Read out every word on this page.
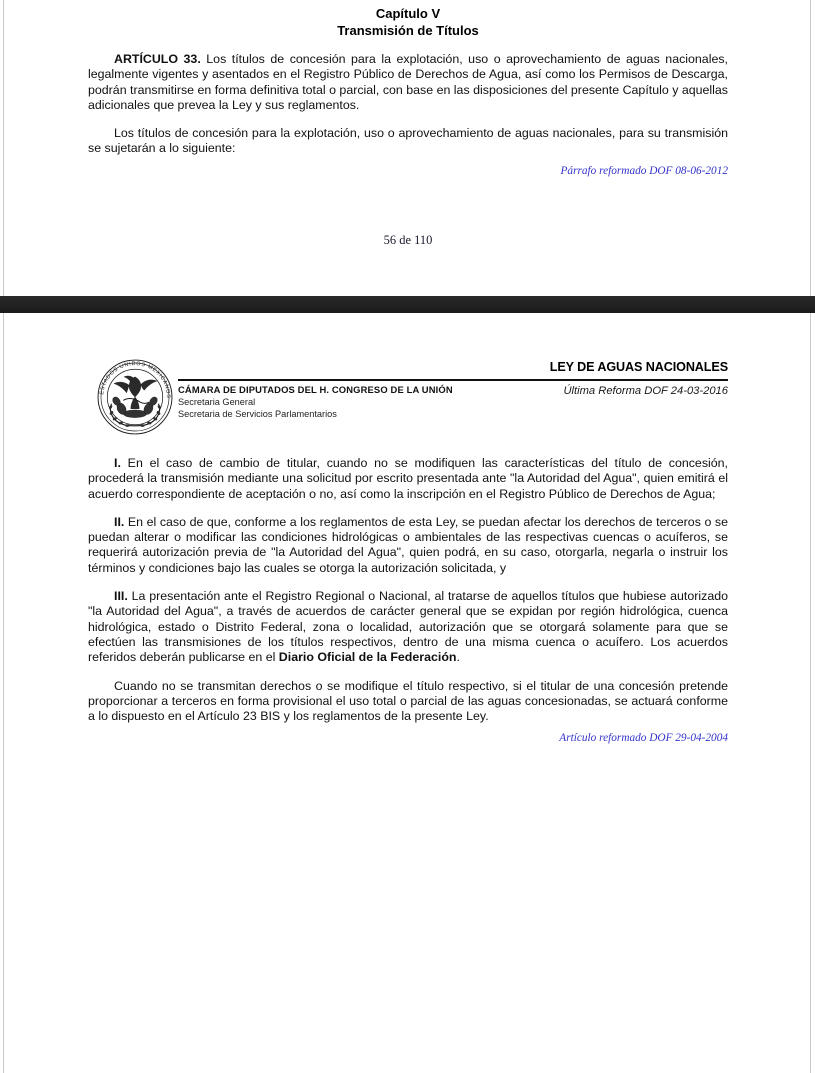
Capítulo V
Transmisión de Títulos

ARTÍCULO 33. Los títulos de concesión para la explotación, uso o aprovechamiento de aguas nacionales, legalmente vigentes y asentados en el Registro Público de Derechos de Agua, así como los Permisos de Descarga, podrán transmitirse en forma definitiva total o parcial, con base en las disposiciones del presente Capítulo y aquellas adicionales que prevea la Ley y sus reglamentos.

Los títulos de concesión para la explotación, uso o aprovechamiento de aguas nacionales, para su transmisión se sujetarán a lo siguiente:

Párrafo reformado DOF 08-06-2012

56 de 110
ESTADOS UNIDOS MEXICANOS
LEY DE AGUAS NACIONALES
Última Reforma DOF 24-03-2016
CÁMARA DE DIPUTADOS DEL H. CONGRESO DE LA UNIÓN
Secretaria General
Secretaria de Servicios Parlamentarios

I. En el caso de cambio de titular, cuando no se modifiquen las características del título de concesión, procederá la transmisión mediante una solicitud por escrito presentada ante "la Autoridad del Agua", quien emitirá el acuerdo correspondiente de aceptación o no, así como la inscripción en el Registro Público de Derechos de Agua;

II. En el caso de que, conforme a los reglamentos de esta Ley, se puedan afectar los derechos de terceros o se puedan alterar o modificar las condiciones hidrológicas o ambientales de las respectivas cuencas o acuíferos, se requerirá autorización previa de "la Autoridad del Agua", quien podrá, en su caso, otorgarla, negarla o instruir los términos y condiciones bajo las cuales se otorga la autorización solicitada, y

III. La presentación ante el Registro Regional o Nacional, al tratarse de aquellos títulos que hubiese autorizado "la Autoridad del Agua", a través de acuerdos de carácter general que se expidan por región hidrológica, cuenca hidrológica, estado o Distrito Federal, zona o localidad, autorización que se otorgará solamente para que se efectúen las transmisiones de los títulos respectivos, dentro de una misma cuenca o acuífero. Los acuerdos referidos deberán publicarse en el Diario Oficial de la Federación.

Cuando no se transmitan derechos o se modifique el título respectivo, si el titular de una concesión pretende proporcionar a terceros en forma provisional el uso total o parcial de las aguas concesionadas, se actuará conforme a lo dispuesto en el Artículo 23 BIS y los reglamentos de la presente Ley.

Artículo reformado DOF 29-04-2004
